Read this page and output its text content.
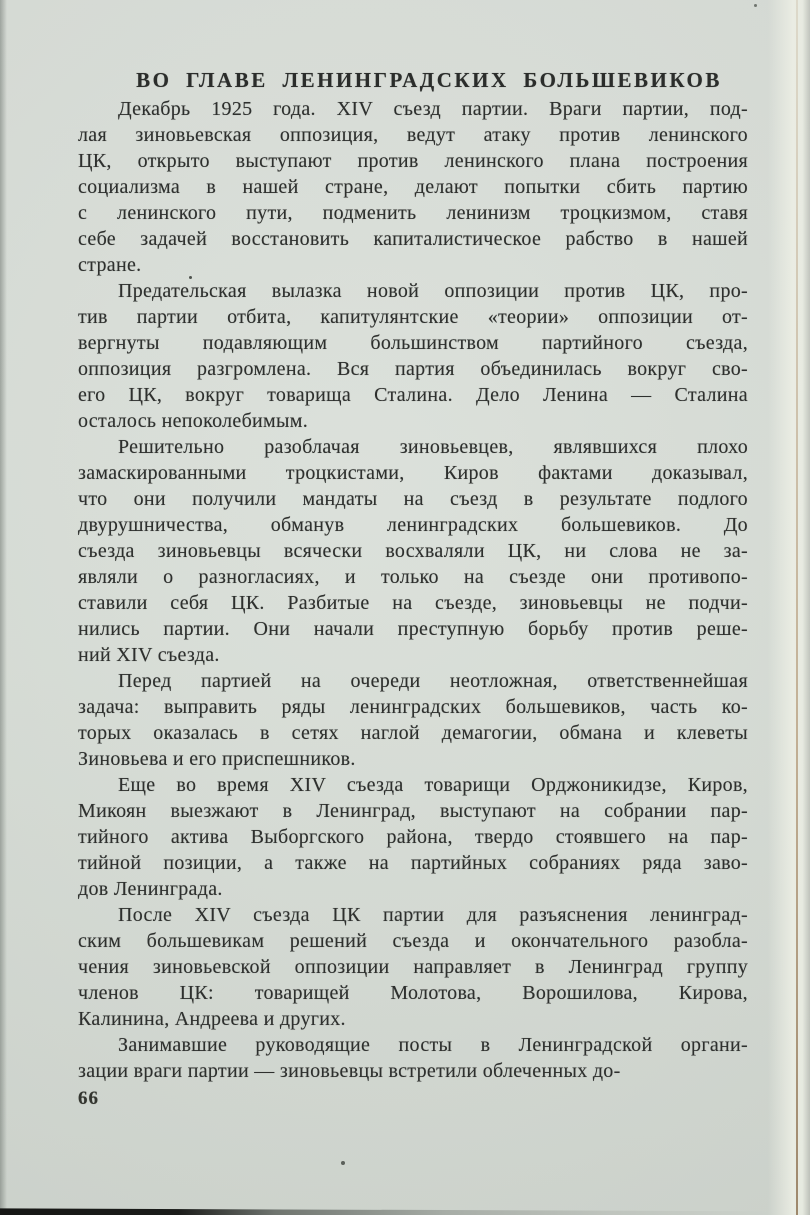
ВО ГЛАВЕ ЛЕНИНГРАДСКИХ БОЛЬШЕВИКОВ
Декабрь 1925 года. XIV съезд партии. Враги партии, под-
лая зиновьевская оппозиция, ведут атаку против ленинского
ЦК, открыто выступают против ленинского плана построения
социализма в нашей стране, делают попытки сбить партию
с ленинского пути, подменить ленинизм троцкизмом, ставя
себе задачей восстановить капиталистическое рабство в нашей
стране.
Предательская вылазка новой оппозиции против ЦК, про-
тив партии отбита, капитулянтские «теории» оппозиции от-
вергнуты подавляющим большинством партийного съезда,
оппозиция разгромлена. Вся партия объединилась вокруг сво-
его ЦК, вокруг товарища Сталина. Дело Ленина — Сталина
осталось непоколебимым.
Решительно разоблачая зиновьевцев, являвшихся плохо
замаскированными троцкистами, Киров фактами доказывал,
что они получили мандаты на съезд в результате подлого
двурушничества, обманув ленинградских большевиков. До
съезда зиновьевцы всячески восхваляли ЦК, ни слова не за-
являли о разногласиях, и только на съезде они противопо-
ставили себя ЦК. Разбитые на съезде, зиновьевцы не подчи-
нились партии. Они начали преступную борьбу против реше-
ний XIV съезда.
Перед партией на очереди неотложная, ответственнейшая
задача: выправить ряды ленинградских большевиков, часть ко-
торых оказалась в сетях наглой демагогии, обмана и клеветы
Зиновьева и его приспешников.
Еще во время XIV съезда товарищи Орджоникидзе, Киров,
Микоян выезжают в Ленинград, выступают на собрании пар-
тийного актива Выборгского района, твердо стоявшего на пар-
тийной позиции, а также на партийных собраниях ряда заво-
дов Ленинграда.
После XIV съезда ЦК партии для разъяснения ленинград-
ским большевикам решений съезда и окончательного разобла-
чения зиновьевской оппозиции направляет в Ленинград группу
членов ЦК: товарищей Молотова, Ворошилова, Кирова,
Калинина, Андреева и других.
Занимавшие руководящие посты в Ленинградской органи-
зации враги партии — зиновьевцы встретили облеченных до-
66
